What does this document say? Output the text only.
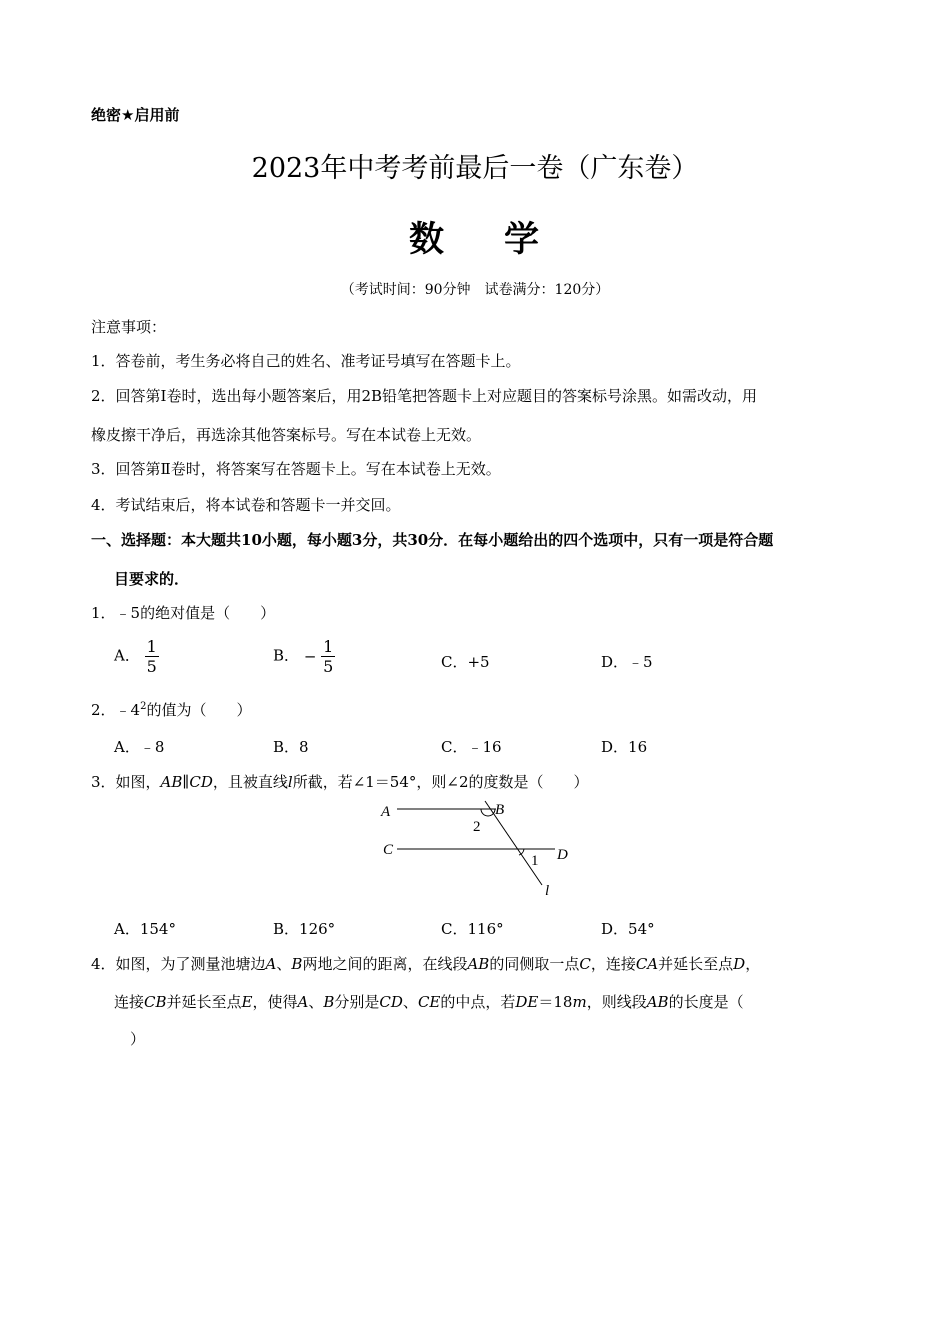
绝密★启用前
2023年中考考前最后一卷（广东卷）
数 学
（考试时间：90分钟　试卷满分：120分）
注意事项：
1．答卷前，考生务必将自己的姓名、准考证号填写在答题卡上。
2．回答第Ⅰ卷时，选出每小题答案后，用2B铅笔把答题卡上对应题目的答案标号涂黑。如需改动，用
橡皮擦干净后，再选涂其他答案标号。写在本试卷上无效。
3．回答第Ⅱ卷时，将答案写在答题卡上。写在本试卷上无效。
4．考试结束后，将本试卷和答题卡一并交回。
一、选择题：本大题共10小题，每小题3分，共30分．在每小题给出的四个选项中，只有一项是符合题
目要求的．
1．﹣5的绝对值是（　　）
A． $\frac{1}{5}$	B． − $\frac{1}{5}$	C．+5	D．﹣5
2．$﹣4^2$的值为（　　）
A．﹣8	B．8	C．﹣16	D．16
3．如图，AB∥CD，且被直线l所截，若∠1＝54°，则∠2的度数是（　　）
A	B
2
C
1 D
l
A．154°	B．126°	C．116°	D．54°
4．如图，为了测量池塘边A、B两地之间的距离，在线段AB的同侧取一点C，连接CA并延长至点D，
连接CB并延长至点E，使得A、B分别是CD、CE的中点，若DE＝18m，则线段AB的长度是（
）
